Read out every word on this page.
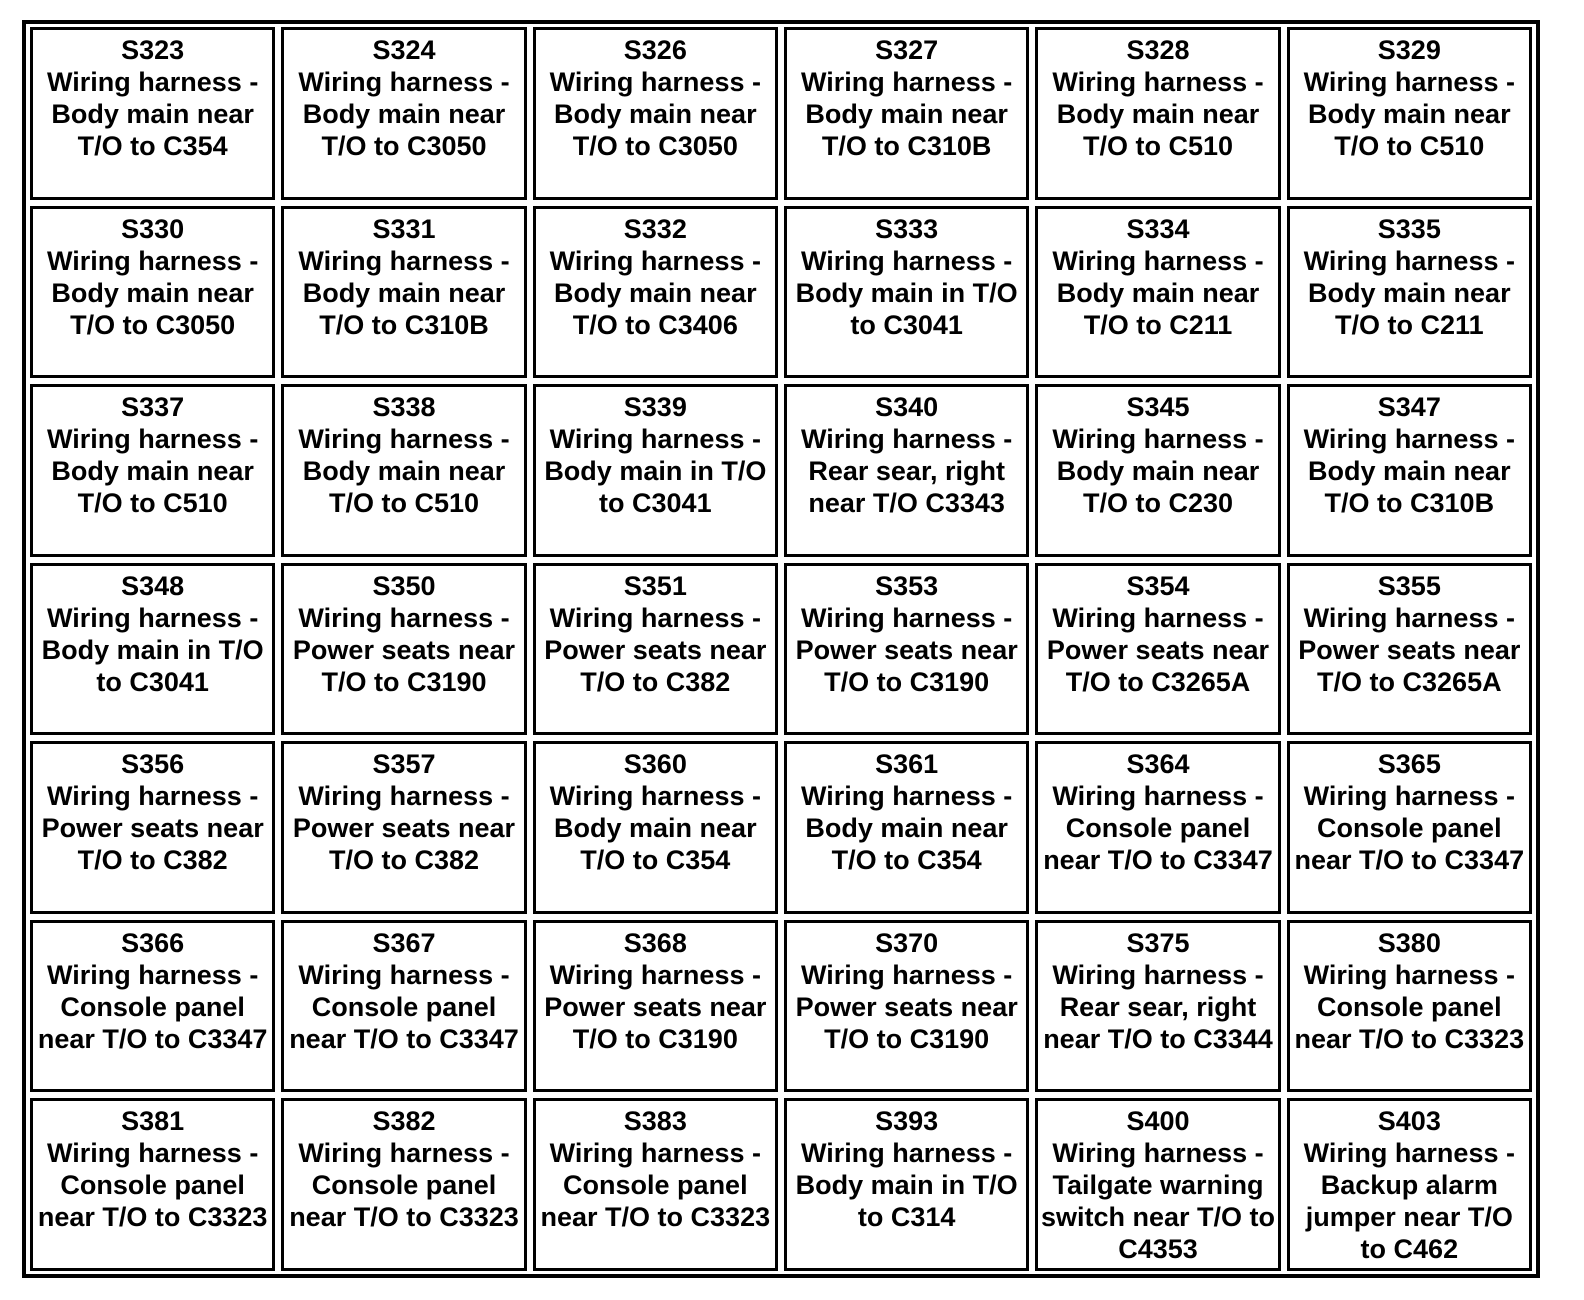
S323
Wiring harness - Body main near T/O to C354
S324
Wiring harness - Body main near T/O to C3050
S326
Wiring harness - Body main near T/O to C3050
S327
Wiring harness - Body main near T/O to C310B
S328
Wiring harness - Body main near T/O to C510
S329
Wiring harness - Body main near T/O to C510
S330
Wiring harness - Body main near T/O to C3050
S331
Wiring harness - Body main near T/O to C310B
S332
Wiring harness - Body main near T/O to C3406
S333
Wiring harness - Body main in T/O to C3041
S334
Wiring harness - Body main near T/O to C211
S335
Wiring harness - Body main near T/O to C211
S337
Wiring harness - Body main near T/O to C510
S338
Wiring harness - Body main near T/O to C510
S339
Wiring harness - Body main in T/O to C3041
S340
Wiring harness - Rear sear, right near T/O C3343
S345
Wiring harness - Body main near T/O to C230
S347
Wiring harness - Body main near T/O to C310B
S348
Wiring harness - Body main in T/O to C3041
S350
Wiring harness - Power seats near T/O to C3190
S351
Wiring harness - Power seats near T/O to C382
S353
Wiring harness - Power seats near T/O to C3190
S354
Wiring harness - Power seats near T/O to C3265A
S355
Wiring harness - Power seats near T/O to C3265A
S356
Wiring harness - Power seats near T/O to C382
S357
Wiring harness - Power seats near T/O to C382
S360
Wiring harness - Body main near T/O to C354
S361
Wiring harness - Body main near T/O to C354
S364
Wiring harness - Console panel near T/O to C3347
S365
Wiring harness - Console panel near T/O to C3347
S366
Wiring harness - Console panel near T/O to C3347
S367
Wiring harness - Console panel near T/O to C3347
S368
Wiring harness - Power seats near T/O to C3190
S370
Wiring harness - Power seats near T/O to C3190
S375
Wiring harness - Rear sear, right near T/O to C3344
S380
Wiring harness - Console panel near T/O to C3323
S381
Wiring harness - Console panel near T/O to C3323
S382
Wiring harness - Console panel near T/O to C3323
S383
Wiring harness - Console panel near T/O to C3323
S393
Wiring harness - Body main in T/O to C314
S400
Wiring harness - Tailgate warning switch near T/O to C4353
S403
Wiring harness - Backup alarm jumper near T/O to C462
